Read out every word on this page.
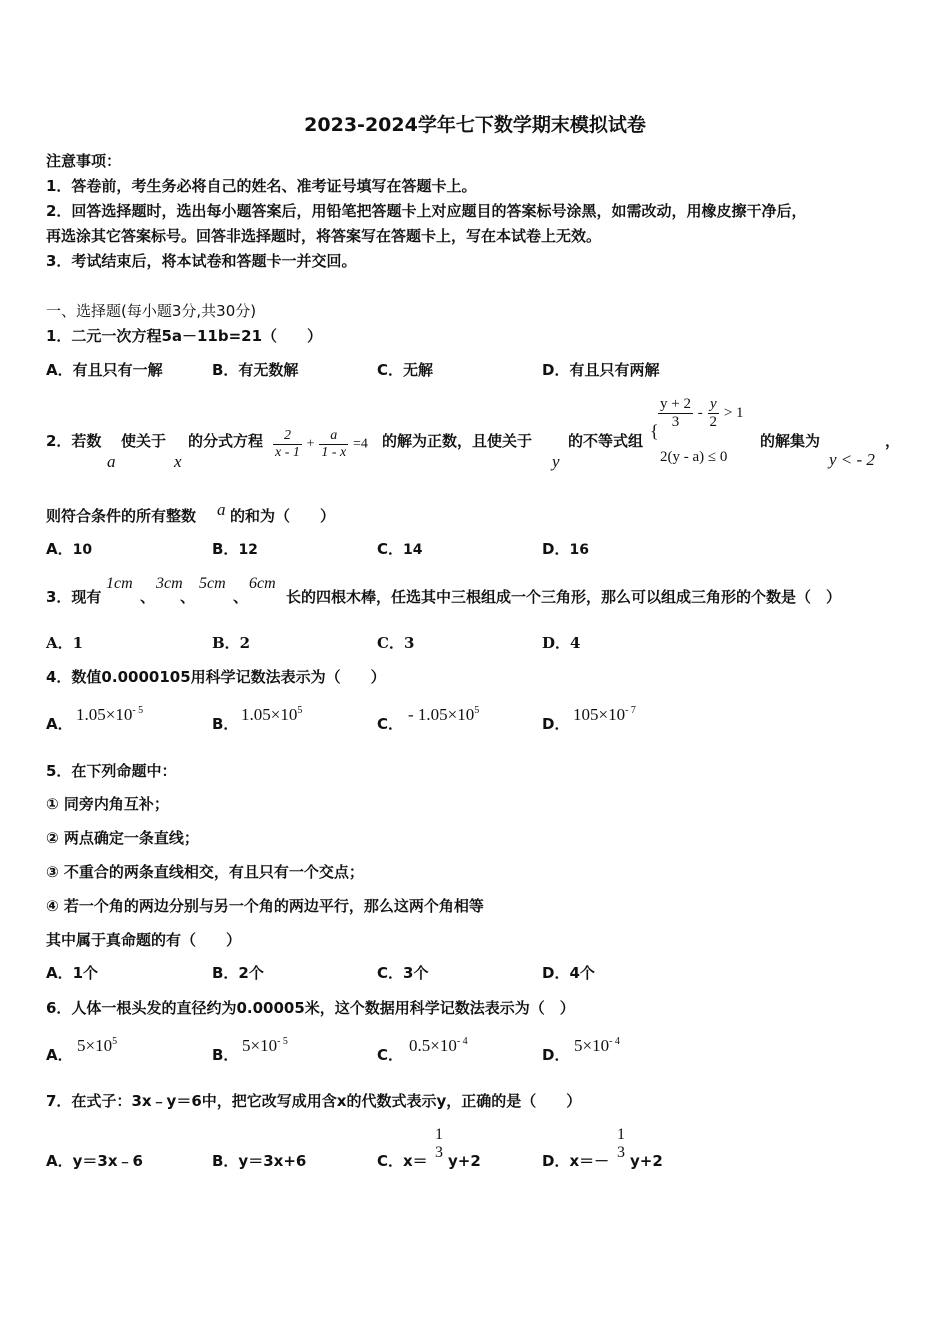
2023-2024学年七下数学期末模拟试卷
注意事项：
1．答卷前，考生务必将自己的姓名、准考证号填写在答题卡上。
2．回答选择题时，选出每小题答案后，用铅笔把答题卡上对应题目的答案标号涂黑，如需改动，用橡皮擦干净后，
再选涂其它答案标号。回答非选择题时，将答案写在答题卡上，写在本试卷上无效。
3．考试结束后，将本试卷和答题卡一并交回。
一、选择题(每小题3分,共30分)
1．二元一次方程5a－11b=21（　　）
A．有且只有一解	B．有无数解	C．无解	D．有且只有两解
2．若数
a
使关于
x
的分式方程 $\frac{2}{x - 1} + \frac{a}{1 - x} =4$ 的解为正数，且使关于
y
的不等式组 {
$\frac{y + 2}{3} - \frac{y}{2} > 1$
2(y - a) ≤ 0
的解集为
y < - 2
，
则符合条件的所有整数 a 的和为（　　）
A．10	B．12	C．14	D．16
3．现有
1cm
、
3cm
、
5cm
、
6cm
长的四根木棒，任选其中三根组成一个三角形，那么可以组成三角形的个数是（　）
A．1	B．2	C．3	D．4
4．数值0.0000105用科学记数法表示为（　　）
A． $1.05\times 10^{- 5}$
B． $1.05\times 10^5$
C． - $1.05\times 10^5$
D． $105\times 10^{- 7}$
5．在下列命题中：
① 同旁内角互补；
② 两点确定一条直线；
③ 不重合的两条直线相交，有且只有一个交点；
④ 若一个角的两边分别与另一个角的两边平行，那么这两个角相等
其中属于真命题的有（　　）
A．1个	B．2个	C．3个	D．4个
6．人体一根头发的直径约为0.00005米，这个数据用科学记数法表示为（　）
A． $5\times 10^5$
B． $5\times 10^{- 5}$
C． $0.5\times 10^{- 4}$
D． $5\times 10^{- 4}$
7．在式子：3x﹣y＝6中，把它改写成用含x的代数式表示y，正确的是（　　）
A．y＝3x﹣6	B．y＝3x+6	C．x＝
1
3 y+2	D．x＝－
1
3 y+2
